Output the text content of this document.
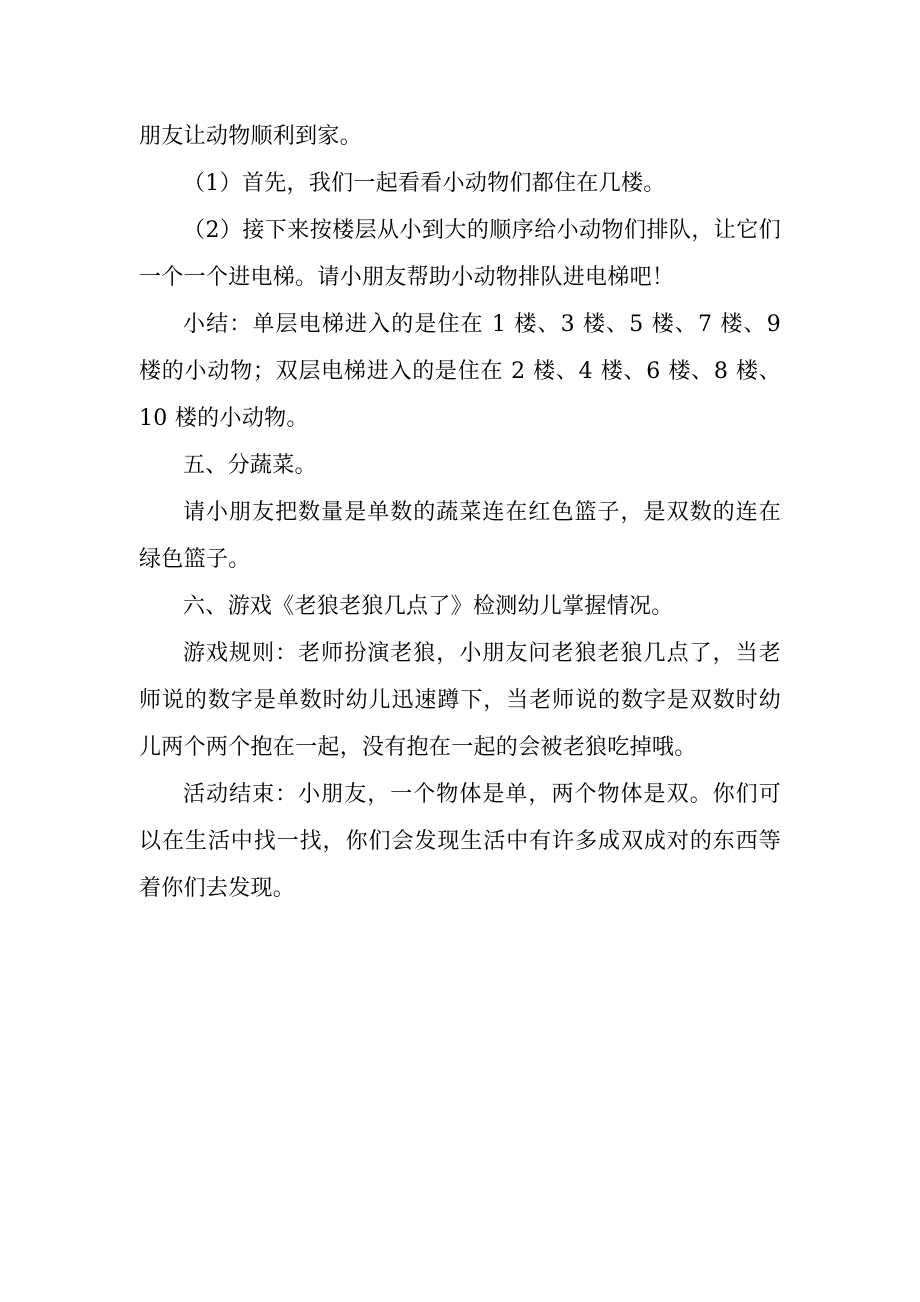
朋友让动物顺利到家。

（1）首先，我们一起看看小动物们都住在几楼。

（2）接下来按楼层从小到大的顺序给小动物们排队，让它们一个一个进电梯。请小朋友帮助小动物排队进电梯吧！

小结：单层电梯进入的是住在 1 楼、3 楼、5 楼、7 楼、9 楼的小动物；双层电梯进入的是住在 2 楼、4 楼、6 楼、8 楼、10 楼的小动物。

五、分蔬菜。

请小朋友把数量是单数的蔬菜连在红色篮子，是双数的连在绿色篮子。

六、游戏《老狼老狼几点了》检测幼儿掌握情况。

游戏规则：老师扮演老狼，小朋友问老狼老狼几点了，当老师说的数字是单数时幼儿迅速蹲下，当老师说的数字是双数时幼儿两个两个抱在一起，没有抱在一起的会被老狼吃掉哦。

活动结束：小朋友，一个物体是单，两个物体是双。你们可以在生活中找一找，你们会发现生活中有许多成双成对的东西等着你们去发现。
